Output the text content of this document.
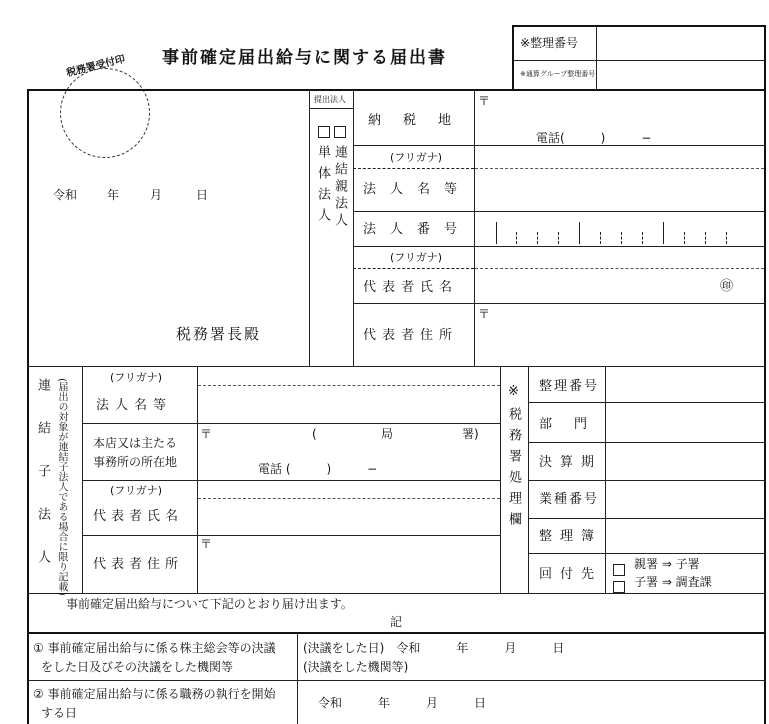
事前確定届出給与に関する届出書
税務署受付印
※整理番号
※通算グループ整理番号
令和 年	月	日
税務署長殿
提出法人
単体法人 連結親法人
納税地
〒
電話(　　　)　　　−
(フリガナ)
法人名等
法人番号
(フリガナ)
代表者氏名	㊞
代表者住所
〒
連結子法人 (届出の対象が連結子法人である場合に限り記載)
(フリガナ)
法人名等
本店又は主たる
事務所の所在地
〒	(	局	署)
電話 (　　　)　　　−
(フリガナ)
代表者氏名
代表者住所
〒
※税務署処理欄 整理番号
部門
決算期
業種番号
整理簿
回付先
親署 ⇒ 子署
子署 ⇒ 調査課
事前確定届出給与について下記のとおり届け出ます。
記
① 事前確定届出給与に係る株主総会等の決議
をした日及びその決議をした機関等
(決議をした日)　令和　　　年　　　月　　　日
(決議をした機関等)
② 事前確定届出給与に係る職務の執行を開始
する日
令和　　　年　　　月　　　日
